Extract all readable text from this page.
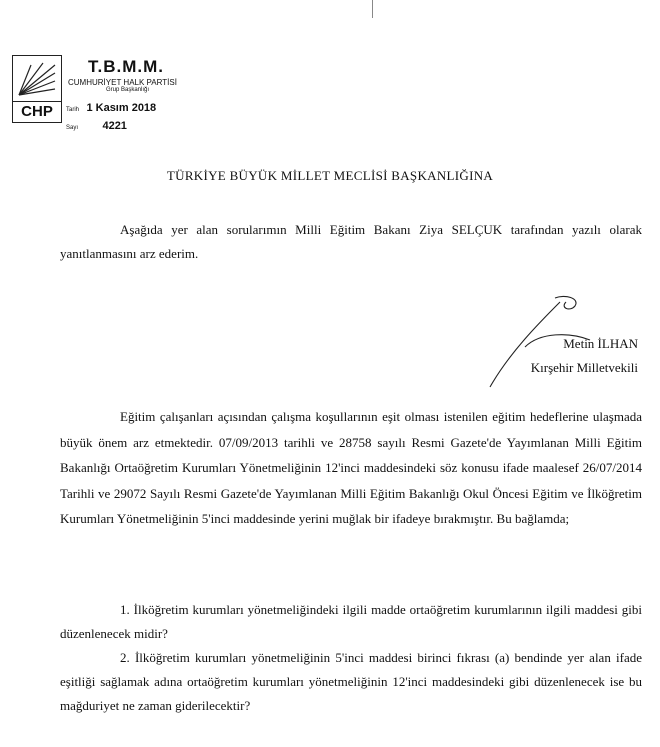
CHP
T.B.M.M.
CUMHURİYET HALK PARTİSİ
Grup Başkanlığı
Tarih 1 Kasım 2018
Sayı 4221
TÜRKİYE BÜYÜK MİLLET MECLİSİ BAŞKANLIĞINA
Aşağıda yer alan sorularımın Milli Eğitim Bakanı Ziya SELÇUK tarafından yazılı olarak yanıtlanmasını arz ederim.
Metin İLHAN
Kırşehir Milletvekili
Eğitim çalışanları açısından çalışma koşullarının eşit olması istenilen eğitim hedeflerine ulaşmada büyük önem arz etmektedir. 07/09/2013 tarihli ve 28758 sayılı Resmi Gazete'de Yayımlanan Milli Eğitim Bakanlığı Ortaöğretim Kurumları Yönetmeliğinin 12'inci maddesindeki söz konusu ifade maalesef 26/07/2014 Tarihli ve 29072 Sayılı Resmi Gazete'de Yayımlanan Milli Eğitim Bakanlığı Okul Öncesi Eğitim ve İlköğretim Kurumları Yönetmeliğinin 5'inci maddesinde yerini muğlak bir ifadeye bırakmıştır. Bu bağlamda;
1. İlköğretim kurumları yönetmeliğindeki ilgili madde ortaöğretim kurumlarının ilgili maddesi gibi düzenlenecek midir?
2. İlköğretim kurumları yönetmeliğinin 5'inci maddesi birinci fıkrası (a) bendinde yer alan ifade eşitliği sağlamak adına ortaöğretim kurumları yönetmeliğinin 12'inci maddesindeki gibi düzenlenecek ise bu mağduriyet ne zaman giderilecektir?
